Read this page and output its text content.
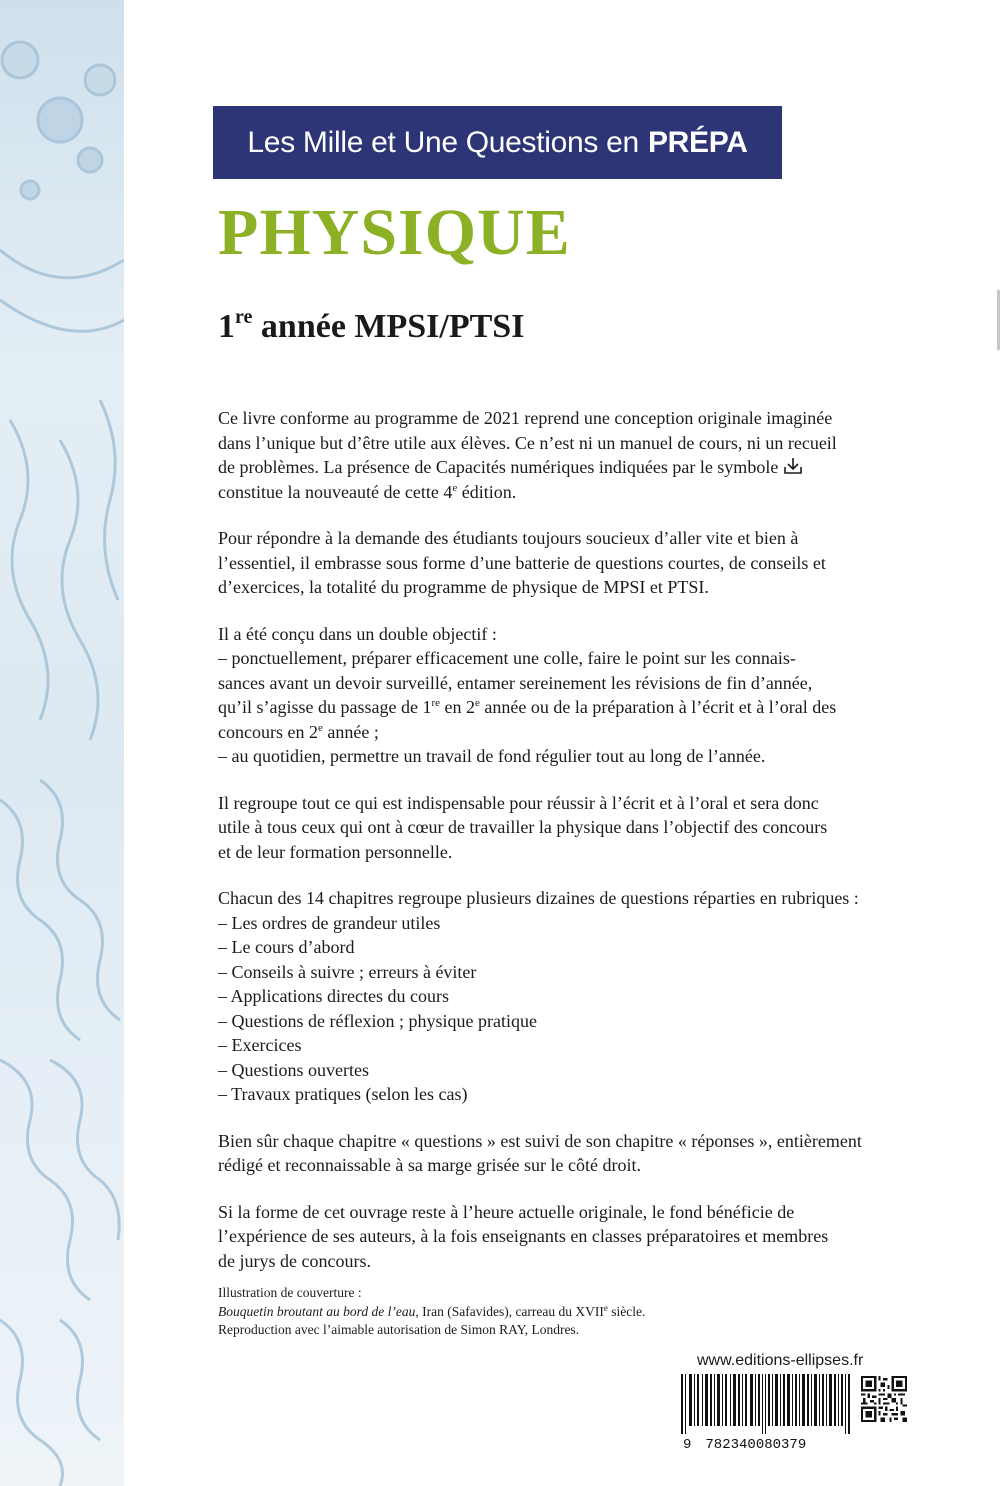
Les Mille et Une Questions en PRÉPA
PHYSIQUE
1re année MPSI/PTSI

Ce livre conforme au programme de 2021 reprend une conception originale imaginée
dans l’unique but d’être utile aux élèves. Ce n’est ni un manuel de cours, ni un recueil
de problèmes. La présence de Capacités numériques indiquées par le symbole
constitue la nouveauté de cette 4e édition.

Pour répondre à la demande des étudiants toujours soucieux d’aller vite et bien à
l’essentiel, il embrasse sous forme d’une batterie de questions courtes, de conseils et
d’exercices, la totalité du programme de physique de MPSI et PTSI.

Il a été conçu dans un double objectif :
– ponctuellement, préparer efficacement une colle, faire le point sur les connais-
sances avant un devoir surveillé, entamer sereinement les révisions de fin d’année,
qu’il s’agisse du passage de 1re en 2e année ou de la préparation à l’écrit et à l’oral des
concours en 2e année ;
– au quotidien, permettre un travail de fond régulier tout au long de l’année.

Il regroupe tout ce qui est indispensable pour réussir à l’écrit et à l’oral et sera donc
utile à tous ceux qui ont à cœur de travailler la physique dans l’objectif des concours
et de leur formation personnelle.

Chacun des 14 chapitres regroupe plusieurs dizaines de questions réparties en rubriques :
– Les ordres de grandeur utiles
– Le cours d’abord
– Conseils à suivre ; erreurs à éviter
– Applications directes du cours
– Questions de réflexion ; physique pratique
– Exercices
– Questions ouvertes
– Travaux pratiques (selon les cas)

Bien sûr chaque chapitre « questions » est suivi de son chapitre « réponses », entièrement
rédigé et reconnaissable à sa marge grisée sur le côté droit.

Si la forme de cet ouvrage reste à l’heure actuelle originale, le fond bénéficie de
l’expérience de ses auteurs, à la fois enseignants en classes préparatoires et membres
de jurys de concours.

Illustration de couverture :
Bouquetin broutant au bord de l’eau, Iran (Safavides), carreau du XVIIe siècle.
Reproduction avec l’aimable autorisation de Simon RAY, Londres.
www.editions-ellipses.fr
9 782340080379
